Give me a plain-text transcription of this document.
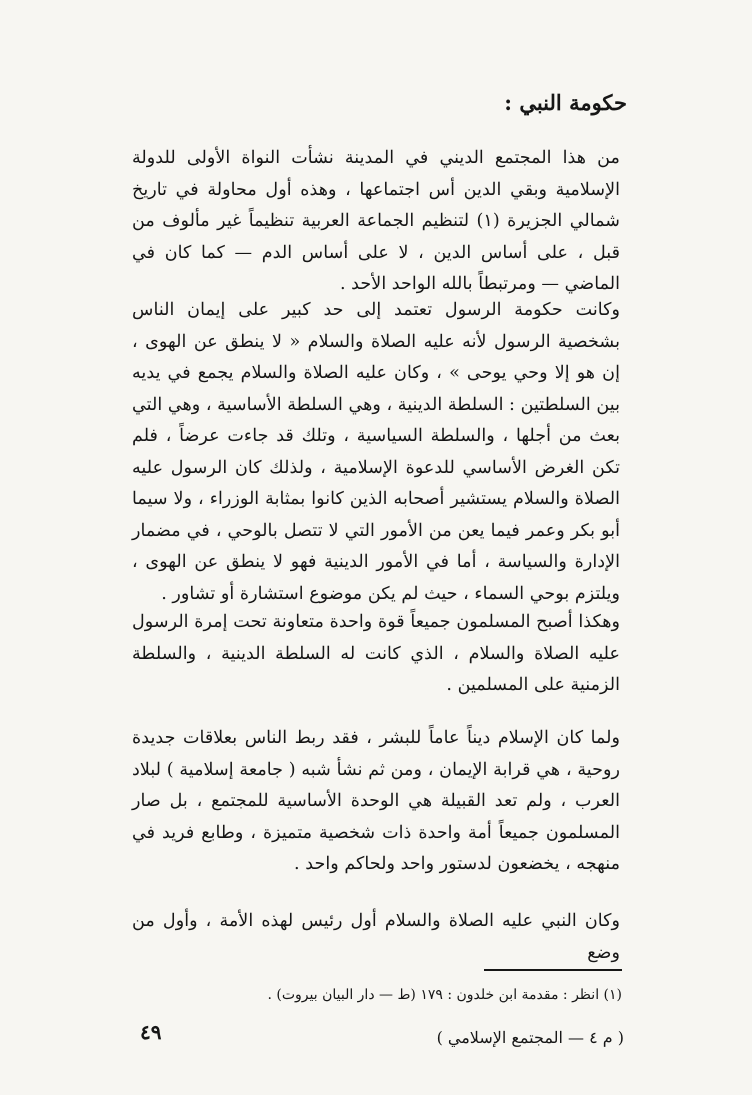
حكومة النبي :

من هذا المجتمع الديني في المدينة نشأت النواة الأولى للدولة الإسلامية وبقي الدين أس اجتماعها ، وهذه أول محاولة في تاريخ شمالي الجزيرة (١) لتنظيم الجماعة العربية تنظيماً غير مألوف من قبل ، على أساس الدين ، لا على أساس الدم — كما كان في الماضي — ومرتبطاً بالله الواحد الأحد .

وكانت حكومة الرسول تعتمد إلى حد كبير على إيمان الناس بشخصية الرسول لأنه عليه الصلاة والسلام « لا ينطق عن الهوى ، إن هو إلا وحي يوحى » ، وكان عليه الصلاة والسلام يجمع في يديه بين السلطتين : السلطة الدينية ، وهي السلطة الأساسية ، وهي التي بعث من أجلها ، والسلطة السياسية ، وتلك قد جاءت عرضاً ، فلم تكن الغرض الأساسي للدعوة الإسلامية ، ولذلك كان الرسول عليه الصلاة والسلام يستشير أصحابه الذين كانوا بمثابة الوزراء ، ولا سيما أبو بكر وعمر فيما يعن من الأمور التي لا تتصل بالوحي ، في مضمار الإدارة والسياسة ، أما في الأمور الدينية فهو لا ينطق عن الهوى ، ويلتزم بوحي السماء ، حيث لم يكن موضوع استشارة أو تشاور .

وهكذا أصبح المسلمون جميعاً قوة واحدة متعاونة تحت إمرة الرسول عليه الصلاة والسلام ، الذي كانت له السلطة الدينية ، والسلطة الزمنية على المسلمين .

ولما كان الإسلام ديناً عاماً للبشر ، فقد ربط الناس بعلاقات جديدة روحية ، هي قرابة الإيمان ، ومن ثم نشأ شبه ( جامعة إسلامية ) لبلاد العرب ، ولم تعد القبيلة هي الوحدة الأساسية للمجتمع ، بل صار المسلمون جميعاً أمة واحدة ذات شخصية متميزة ، وطابع فريد في منهجه ، يخضعون لدستور واحد ولحاكم واحد .

وكان النبي عليه الصلاة والسلام أول رئيس لهذه الأمة ، وأول من وضع

(١) انظر : مقدمة ابن خلدون : ١٧٩ (ط — دار البيان بيروت) .
٤٩	( م ٤ — المجتمع الإسلامي )
